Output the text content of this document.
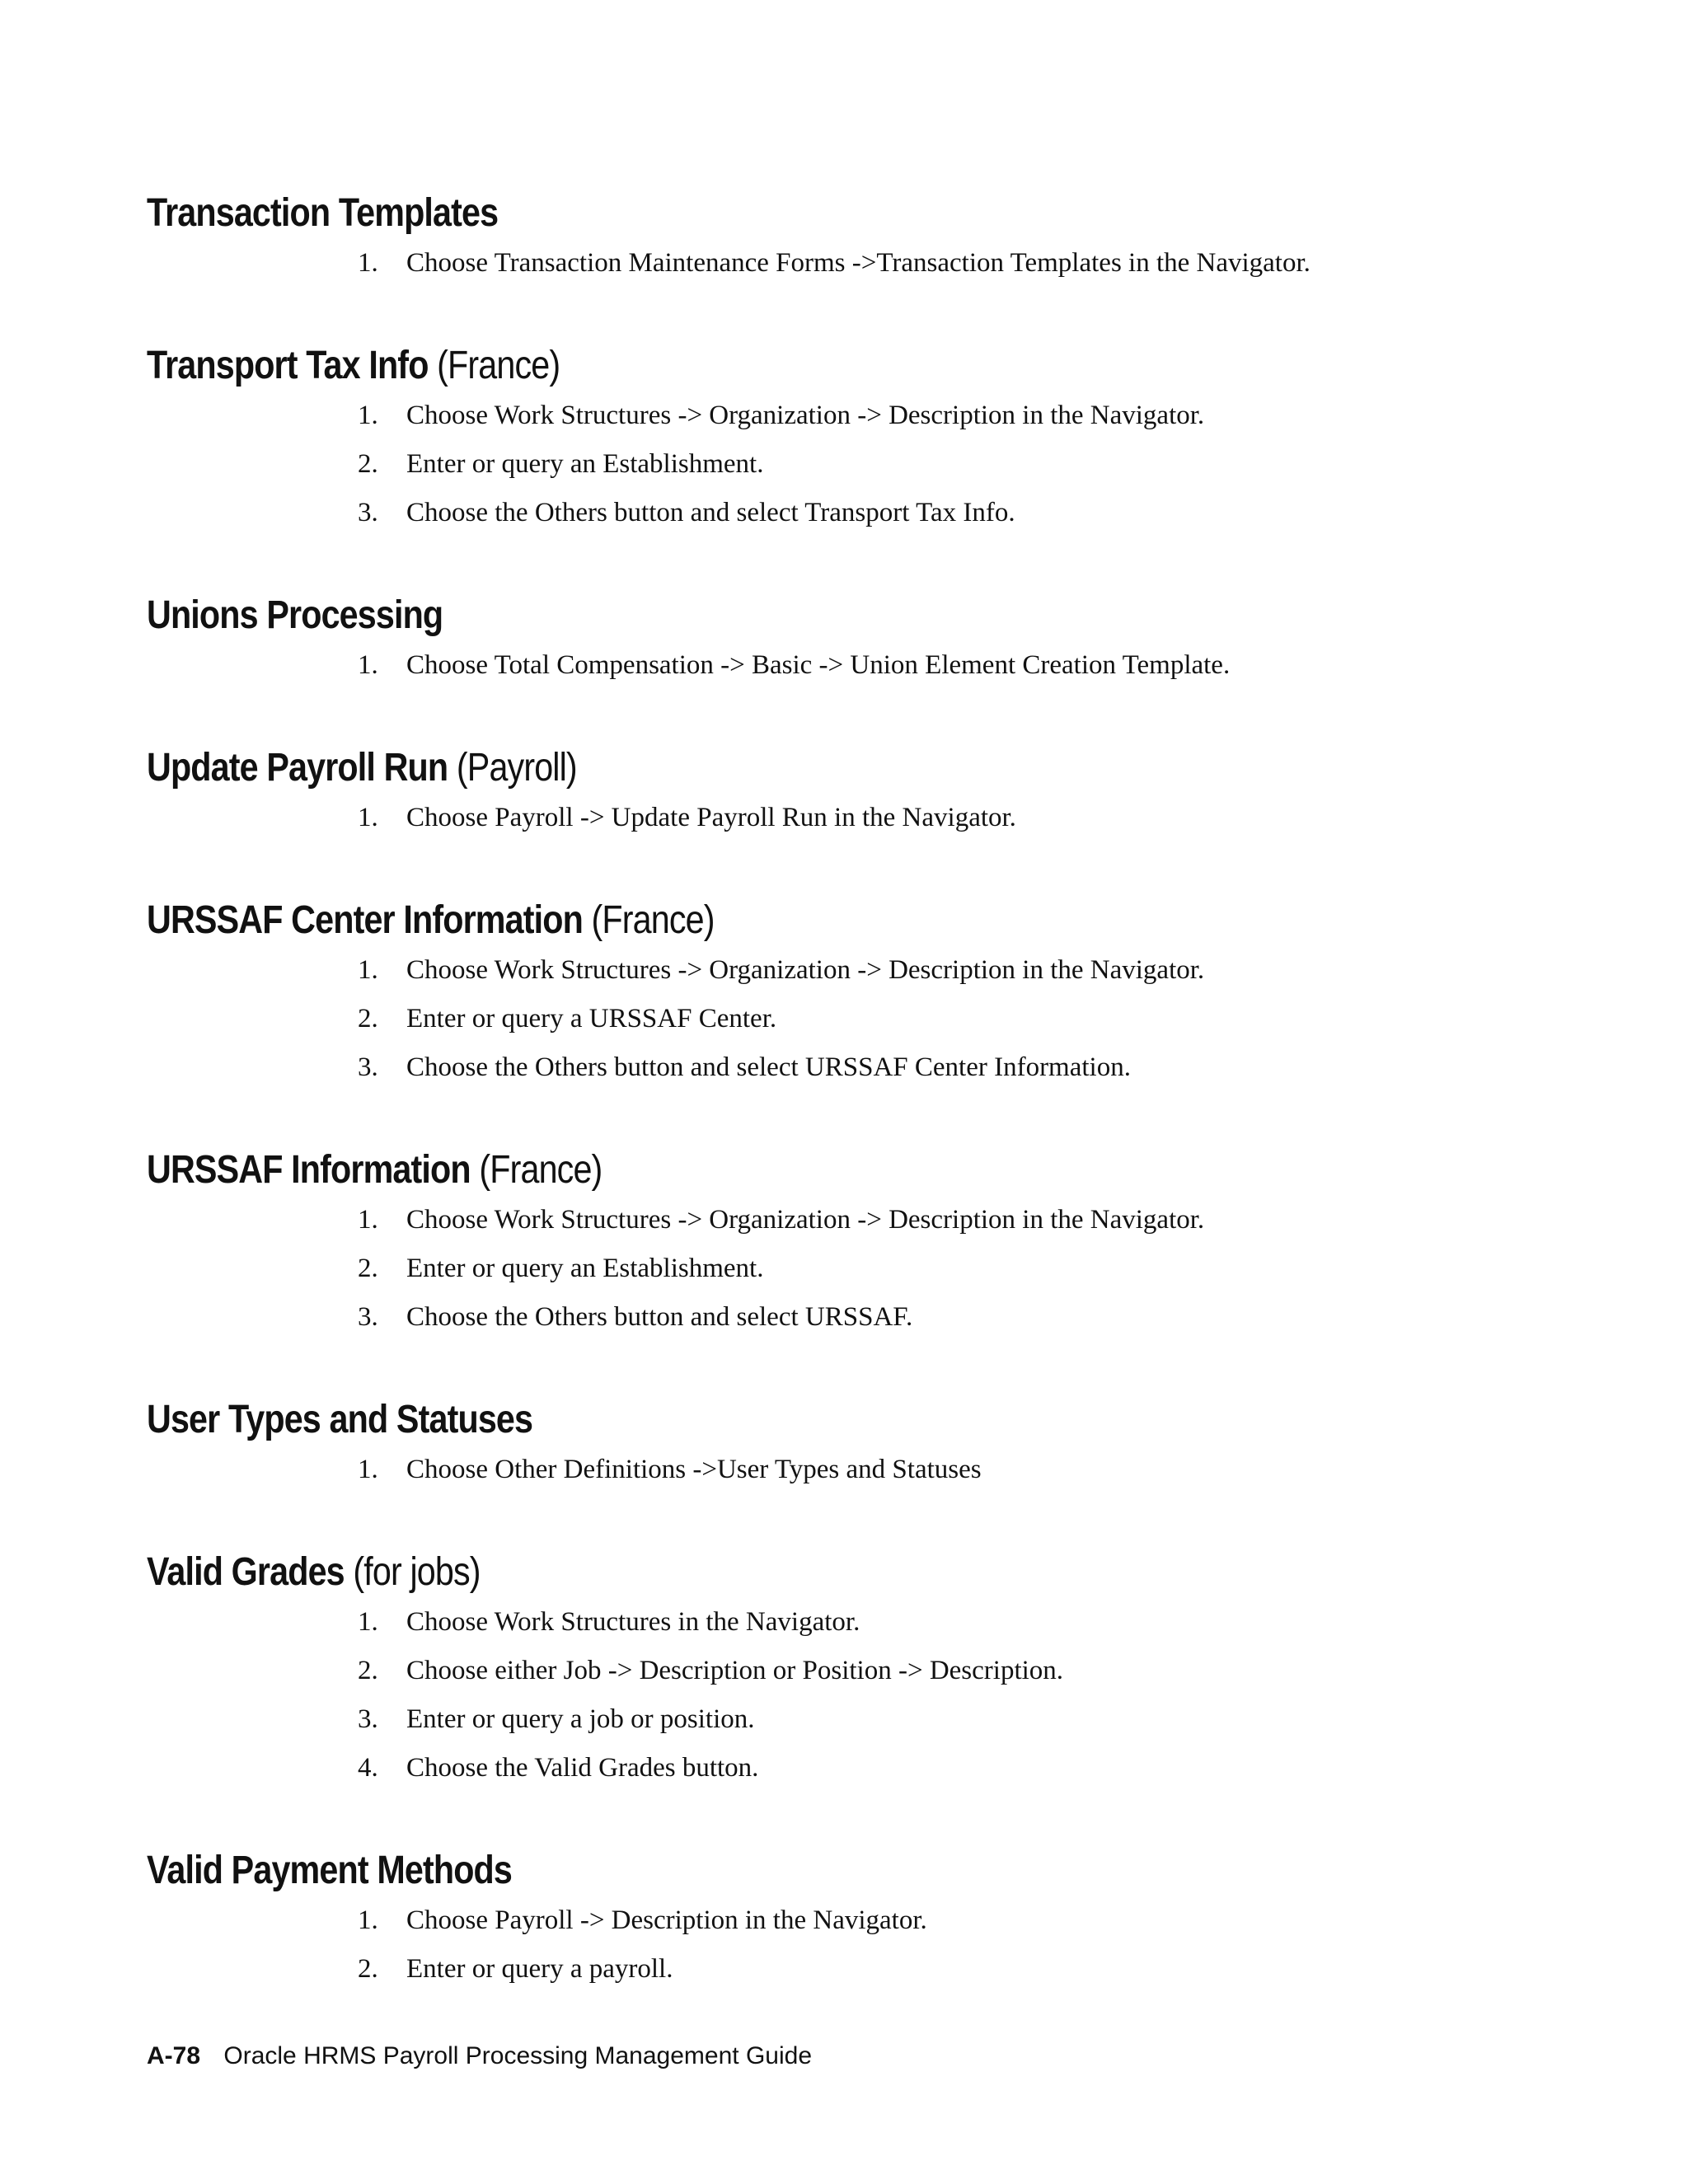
Transaction Templates
1.	Choose Transaction Maintenance Forms ->Transaction Templates in the Navigator.
Transport Tax Info (France)
1.	Choose Work Structures -> Organization -> Description in the Navigator.
2.	Enter or query an Establishment.
3.	Choose the Others button and select Transport Tax Info.
Unions Processing
1.	Choose Total Compensation -> Basic -> Union Element Creation Template.
Update Payroll Run (Payroll)
1.	Choose Payroll -> Update Payroll Run in the Navigator.
URSSAF Center Information (France)
1.	Choose Work Structures -> Organization -> Description in the Navigator.
2.	Enter or query a URSSAF Center.
3.	Choose the Others button and select URSSAF Center Information.
URSSAF Information (France)
1.	Choose Work Structures -> Organization -> Description in the Navigator.
2.	Enter or query an Establishment.
3.	Choose the Others button and select URSSAF.
User Types and Statuses
1.	Choose Other Definitions ->User Types and Statuses
Valid Grades (for jobs)
1.	Choose Work Structures in the Navigator.
2.	Choose either Job -> Description or Position -> Description.
3.	Enter or query a job or position.
4.	Choose the Valid Grades button.
Valid Payment Methods
1.	Choose Payroll -> Description in the Navigator.
2.	Enter or query a payroll.
A-78 Oracle HRMS Payroll Processing Management Guide
